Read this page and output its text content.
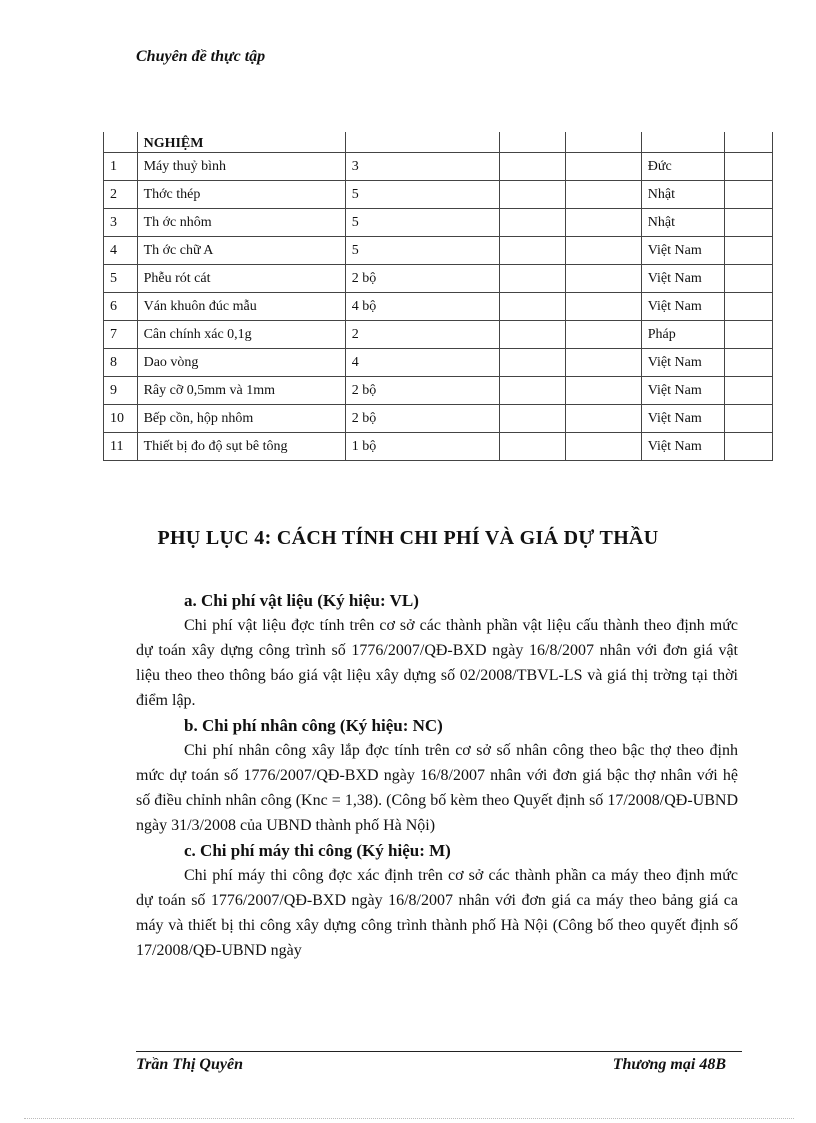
Chuyên đề thực tập
	NGHIỆM					
1	Máy thuỷ bình	3			Đức	
2	Thớc thép	5			Nhật	
3	Th ớc nhôm	5			Nhật	
4	Th ớc chữ A	5			Việt Nam	
5	Phễu rót cát	2 bộ			Việt Nam	
6	Ván khuôn đúc mẫu	4 bộ			Việt Nam	
7	Cân chính xác 0,1g	2			Pháp	
8	Dao vòng	4			Việt Nam	
9	Rây cỡ 0,5mm và 1mm	2 bộ			Việt Nam	
10	Bếp cồn, hộp nhôm	2 bộ			Việt Nam	
11	Thiết bị đo độ sụt bê tông	1 bộ			Việt Nam	
PHỤ LỤC 4: CÁCH TÍNH CHI PHÍ VÀ GIÁ DỰ THẦU
a. Chi phí vật liệu (Ký hiệu: VL)

Chi phí vật liệu đợc tính trên cơ sở các thành phần vật liệu cấu thành theo định mức dự toán xây dựng công trình số 1776/2007/QĐ-BXD ngày 16/8/2007 nhân với đơn giá vật liệu theo theo thông báo giá vật liệu xây dựng số 02/2008/TBVL-LS và giá thị trờng tại thời điểm lập.

b. Chi phí nhân công (Ký hiệu: NC)

Chi phí nhân công xây lắp đợc tính trên cơ sở số nhân công theo bậc thợ theo định mức dự toán số 1776/2007/QĐ-BXD ngày 16/8/2007 nhân với đơn giá bậc thợ nhân với hệ số điều chỉnh nhân công (Knc = 1,38). (Công bố kèm theo Quyết định số 17/2008/QĐ-UBND ngày 31/3/2008 của UBND thành phố Hà Nội)

c. Chi phí máy thi công (Ký hiệu: M)

Chi phí máy thi công đợc xác định trên cơ sở các thành phần ca máy theo định mức dự toán số 1776/2007/QĐ-BXD ngày 16/8/2007 nhân với đơn giá ca máy theo bảng giá ca máy và thiết bị thi công xây dựng công trình thành phố Hà Nội (Công bố theo quyết định số 17/2008/QĐ-UBND ngày

Trần Thị Quyên	Thương mại 48B
